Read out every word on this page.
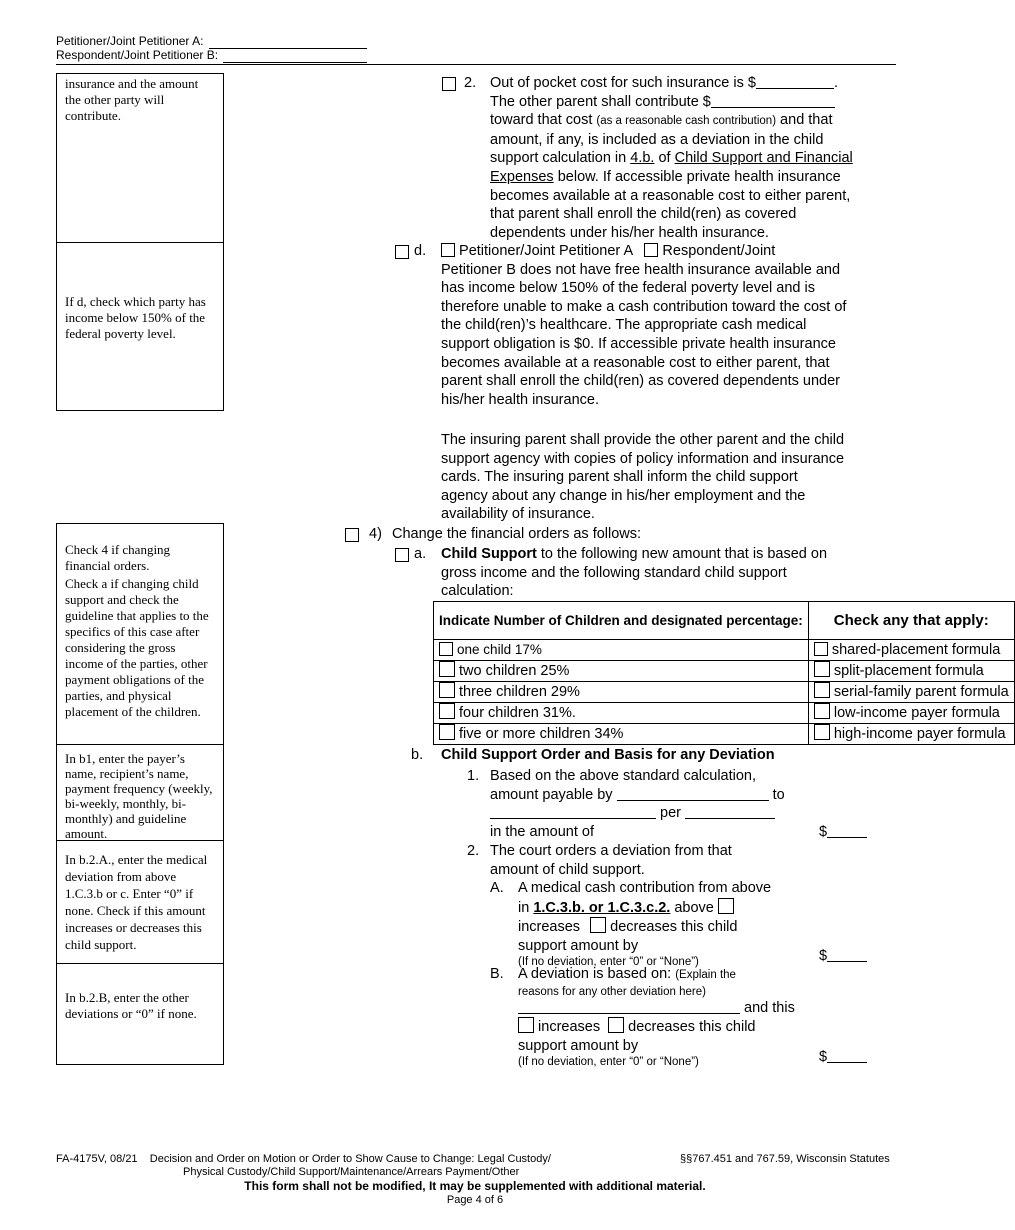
Petitioner/Joint Petitioner A:
Respondent/Joint Petitioner B:
insurance and the amount the other party will contribute.
If d, check which party has income below 150% of the federal poverty level.
Check 4 if changing financial orders.
Check a if changing child support and check the guideline that applies to the specifics of this case after considering the gross income of the parties, other payment obligations of the parties, and physical placement of the children.
In b1, enter the payer’s name, recipient’s name, payment frequency (weekly, bi-weekly, monthly, bi-monthly) and guideline amount.
In b.2.A., enter the medical deviation from above 1.C.3.b or c. Enter “0” if none. Check if this amount increases or decreases this child support.
In b.2.B, enter the other deviations or “0” if none.
2. Out of pocket cost for such insurance is $	.
The other parent shall contribute $
toward that cost (as a reasonable cash contribution) and that
amount, if any, is included as a deviation in the child
support calculation in 4.b. of Child Support and Financial
Expenses below. If accessible private health insurance
becomes available at a reasonable cost to either parent,
that parent shall enroll the child(ren) as covered
dependents under his/her health insurance.
d.	Petitioner/Joint Petitioner A Respondent/Joint
Petitioner B does not have free health insurance available and
has income below 150% of the federal poverty level and is
therefore unable to make a cash contribution toward the cost of
the child(ren)’s healthcare. The appropriate cash medical
support obligation is $0. If accessible private health insurance
becomes available at a reasonable cost to either parent, that
parent shall enroll the child(ren) as covered dependents under
his/her health insurance.
The insuring parent shall provide the other parent and the child
support agency with copies of policy information and insurance
cards. The insuring parent shall inform the child support
agency about any change in his/her employment and the
availability of insurance.
4) Change the financial orders as follows:
a. Child Support to the following new amount that is based on
gross income and the following standard child support
calculation:
Indicate Number of Children and designated percentage:	Check any that apply:
one child 17%	shared-placement formula
two children 25%	split-placement formula
three children 29%	serial-family parent formula
four children 31%.	low-income payer formula
five or more children 34%	high-income payer formula
b. Child Support Order and Basis for any Deviation
1. Based on the above standard calculation,
amount payable by	to
per
in the amount of	$
2. The court orders a deviation from that
amount of child support.
A. A medical cash contribution from above
in 1.C.3.b. or 1.C.3.c.2. above
increases decreases this child
support amount by
(If no deviation, enter “0” or “None”)	$
B. A deviation is based on: (Explain the
reasons for any other deviation here)
and this
increases decreases this child
support amount by
(If no deviation, enter “0” or “None”)	$
FA-4175V, 08/21 Decision and Order on Motion or Order to Show Cause to Change: Legal Custody/
Physical Custody/Child Support/Maintenance/Arrears Payment/Other
§§767.451 and 767.59, Wisconsin Statutes
This form shall not be modified, It may be supplemented with additional material.
Page 4 of 6
